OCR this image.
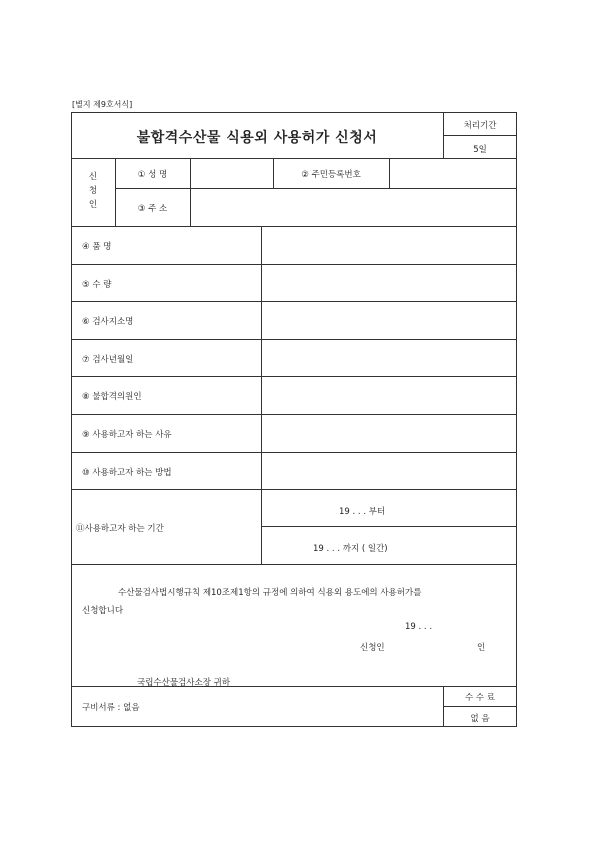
[별지 제9호서식]
불합격수산물 식용외 사용허가 신청서
처리기간
5일
신
청
인
① 성 명	② 주민등록번호
③ 주 소
④ 품 명
⑤ 수 량
⑥ 검사지소명
⑦ 검사년월일
⑧ 불합격의원인
⑨ 사용하고자 하는 사유
⑩ 사용하고자 하는 방법
⑪사용하고자 하는 기간
19 . . . 부터
19 . . . 까지 ( 일간)
수산물검사법시행규칙 제10조제1항의 규정에 의하여 식용외 용도에의 사용허가를
신청합니다
19 . . .
신청인	인
국립수산물검사소장 귀하
구비서류 : 없음
수 수 료
없 음
